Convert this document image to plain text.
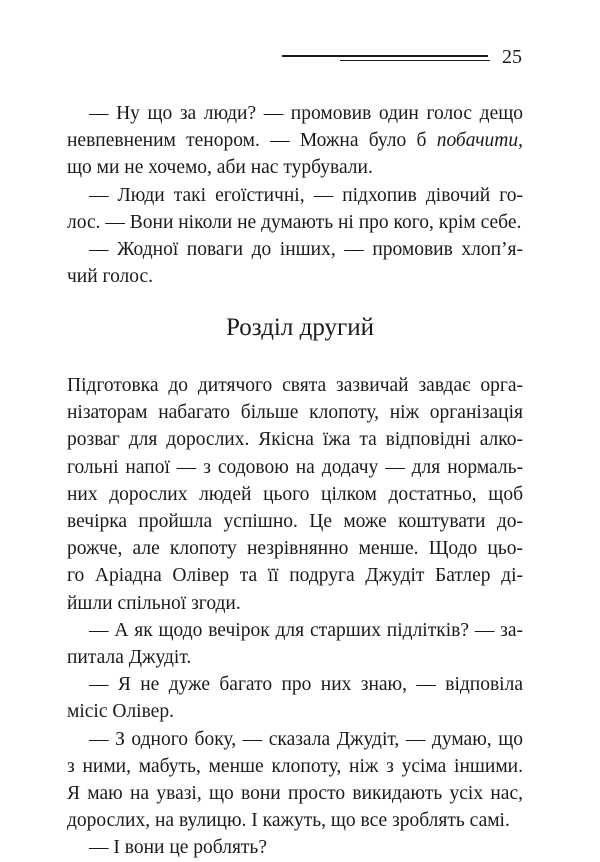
25

— Ну що за люди? — промовив один голос дещо

невпевненим тенором. — Можна було б побачити,

що ми не хочемо, аби нас турбували.

— Люди такі егоїстичні, — підхопив дівочий го-

лос. — Вони ніколи не думають ні про кого, крім себе.

— Жодної поваги до інших, — промовив хлоп’я-

чий голос.

Розділ другий

Підготовка до дитячого свята зазвичай завдає орга-

нізаторам набагато більше клопоту, ніж організація

розваг для дорослих. Якісна їжа та відповідні алко-

гольні напої — з содовою на додачу — для нормаль-

них дорослих людей цього цілком достатньо, щоб

вечірка пройшла успішно. Це може коштувати до-

рожче, але клопоту незрівнянно менше. Щодо цьо-

го Аріадна Олівер та її подруга Джудіт Батлер ді-

йшли спільної згоди.

— А як щодо вечірок для старших підлітків? — за-

питала Джудіт.

— Я не дуже багато про них знаю, — відповіла

місіс Олівер.

— З одного боку, — сказала Джудіт, — думаю, що

з ними, мабуть, менше клопоту, ніж з усіма іншими.

Я маю на увазі, що вони просто викидають усіх нас,

дорослих, на вулицю. І кажуть, що все зроблять самі.

— І вони це роблять?
